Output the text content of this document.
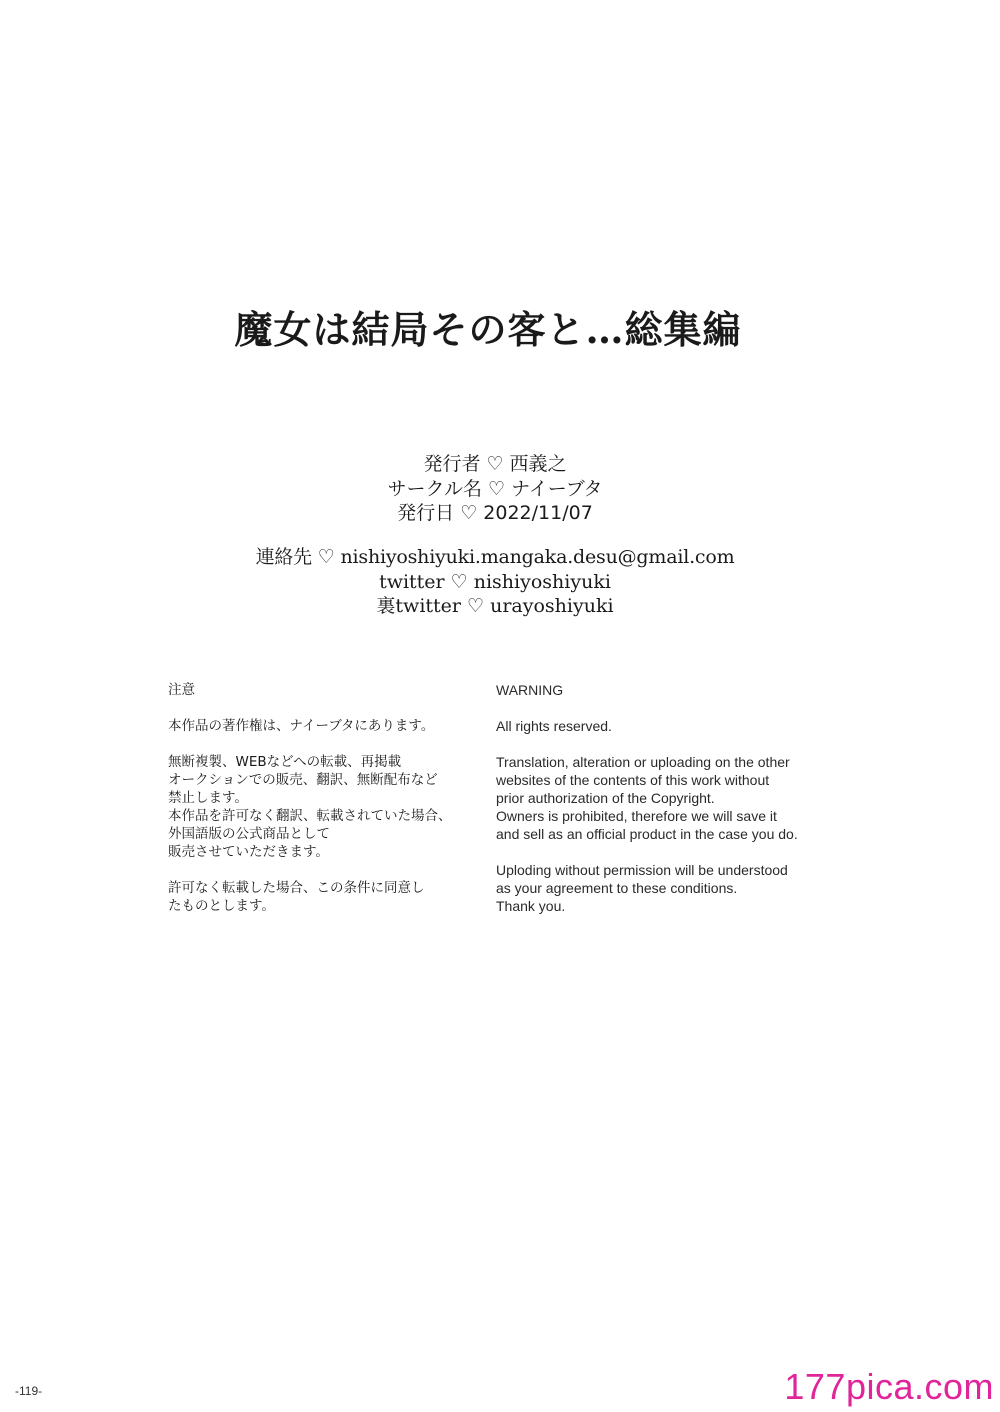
魔女は結局その客と…総集編
発行者 ♡ 西義之
サークル名 ♡ ナイーブタ
発行日 ♡ 2022/11/07
連絡先 ♡ nishiyoshiyuki.mangaka.desu@gmail.com
twitter ♡ nishiyoshiyuki
裏twitter ♡ urayoshiyuki
注意
本作品の著作権は、ナイーブタにあります。
無断複製、WEBなどへの転載、再掲載
オークションでの販売、翻訳、無断配布など
禁止します。
本作品を許可なく翻訳、転載されていた場合、
外国語版の公式商品として
販売させていただきます。
許可なく転載した場合、この条件に同意し
たものとします。
WARNING
All rights reserved.
Translation, alteration or uploading on the other
websites of the contents of this work without
prior authorization of the Copyright.
Owners is prohibited, therefore we will save it
and sell as an official product in the case you do.
Uploding without permission will be understood
as your agreement to these conditions.
Thank you.
-119-	177pica.com
